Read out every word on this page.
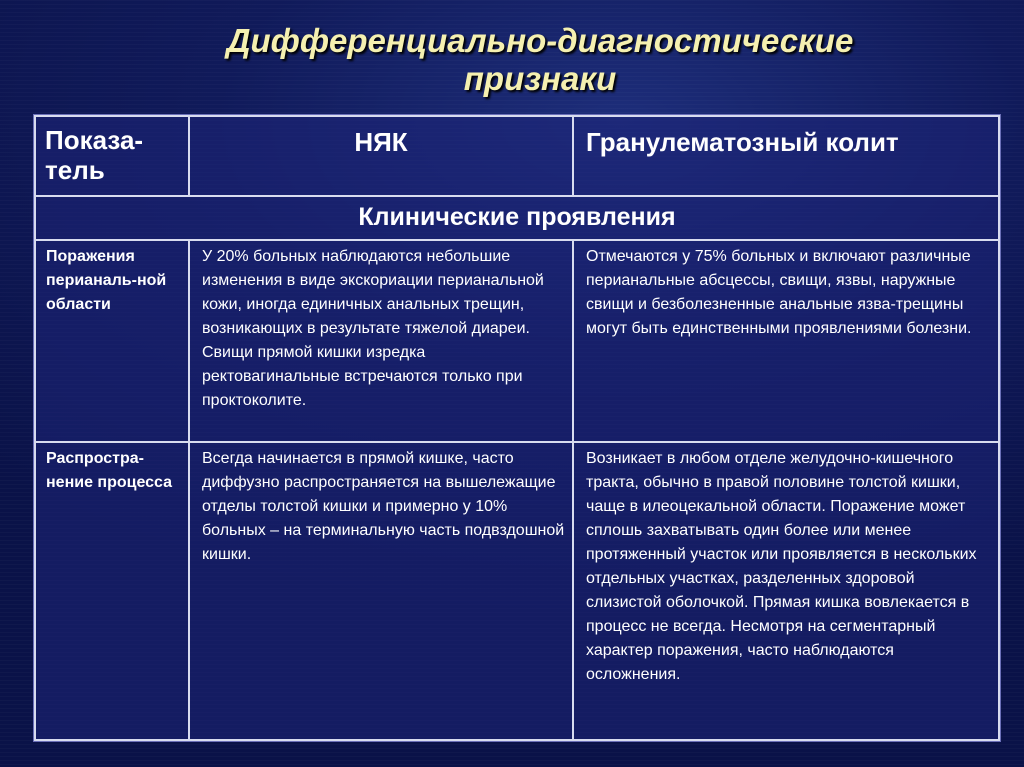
Дифференциально-диагностические
признаки
Показа-тель	НЯК	Гранулематозный колит

Клинические проявления		

Поражения перианаль-ной области	У 20% больных наблюдаются небольшие изменения в виде экскориации перианальной кожи, иногда единичных анальных трещин, возникающих в результате тяжелой диареи. Свищи прямой кишки изредка ректовагинальные встречаются только при проктоколите.	Отмечаются у 75% больных и включают различные перианальные абсцессы, свищи, язвы, наружные свищи и безболезненные анальные язва-трещины могут быть единственными проявлениями болезни.

Распростра-нение процесса	Всегда начинается в прямой кишке, часто диффузно распространяется на вышележащие отделы толстой кишки и примерно у 10% больных – на терминальную часть подвздошной кишки.	Возникает в любом отделе желудочно-кишечного тракта, обычно в правой половине толстой кишки, чаще в илеоцекальной области. Поражение может сплошь захватывать один более или менее протяженный участок или проявляется в нескольких отдельных участках, разделенных здоровой слизистой оболочкой. Прямая кишка вовлекается в процесс не всегда. Несмотря на сегментарный характер поражения, часто наблюдаются осложнения.
